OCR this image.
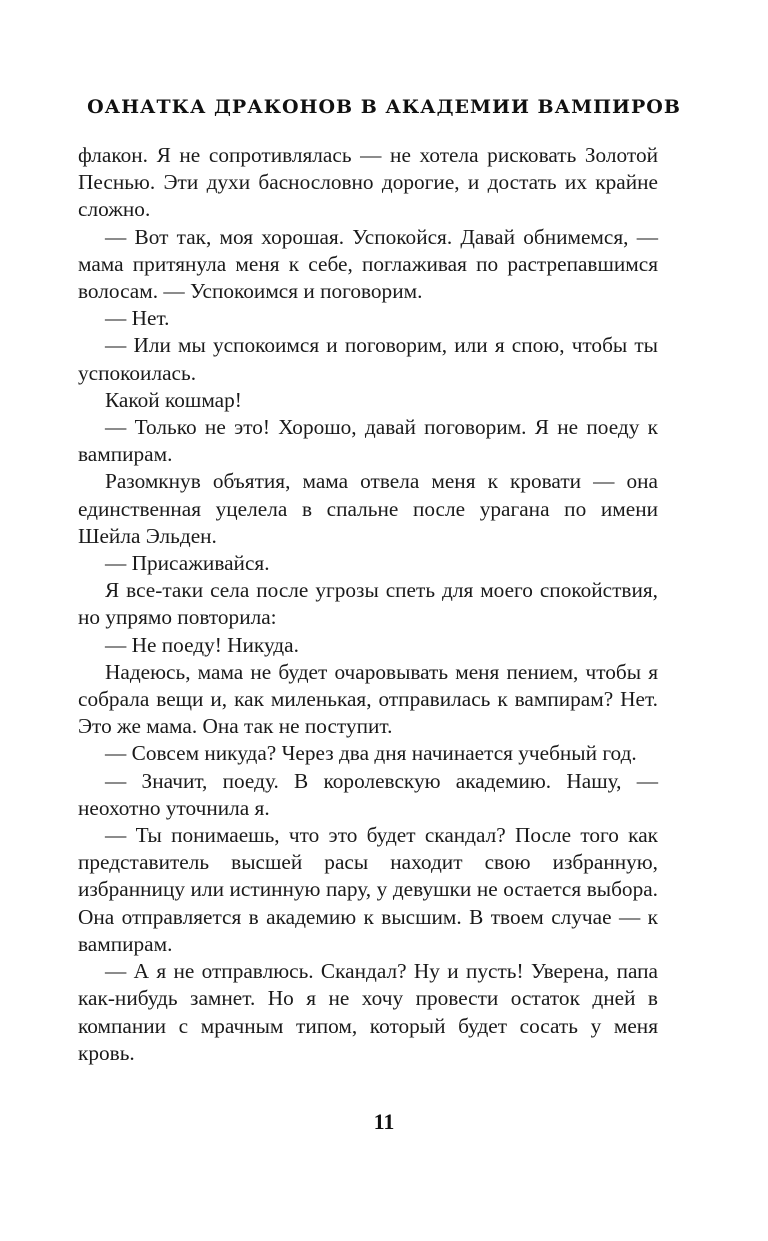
ОАНАТКА ДРАКОНОВ В АКАДЕМИИ ВАМПИРОВ

флакон. Я не сопротивлялась — не хотела рисковать Золотой Песнью. Эти духи баснословно дорогие, и достать их крайне сложно.

— Вот так, моя хорошая. Успокойся. Давай обнимемся, — мама притянула меня к себе, поглаживая по растрепавшимся волосам. — Успокоимся и поговорим.

— Нет.

— Или мы успокоимся и поговорим, или я спою, чтобы ты успокоилась.

Какой кошмар!

— Только не это! Хорошо, давай поговорим. Я не поеду к вампирам.

Разомкнув объятия, мама отвела меня к кровати — она единственная уцелела в спальне после урагана по имени Шейла Эльден.

— Присаживайся.

Я все-таки села после угрозы спеть для моего спокойствия, но упрямо повторила:

— Не поеду! Никуда.

Надеюсь, мама не будет очаровывать меня пением, чтобы я собрала вещи и, как миленькая, отправилась к вампирам? Нет. Это же мама. Она так не поступит.

— Совсем никуда? Через два дня начинается учебный год.

— Значит, поеду. В королевскую академию. Нашу, — неохотно уточнила я.

— Ты понимаешь, что это будет скандал? После того как представитель высшей расы находит свою избранную, избранницу или истинную пару, у девушки не остается выбора. Она отправляется в академию к высшим. В твоем случае — к вампирам.

— А я не отправлюсь. Скандал? Ну и пусть! Уверена, папа как-нибудь замнет. Но я не хочу провести остаток дней в компании с мрачным типом, который будет сосать у меня кровь.

11
